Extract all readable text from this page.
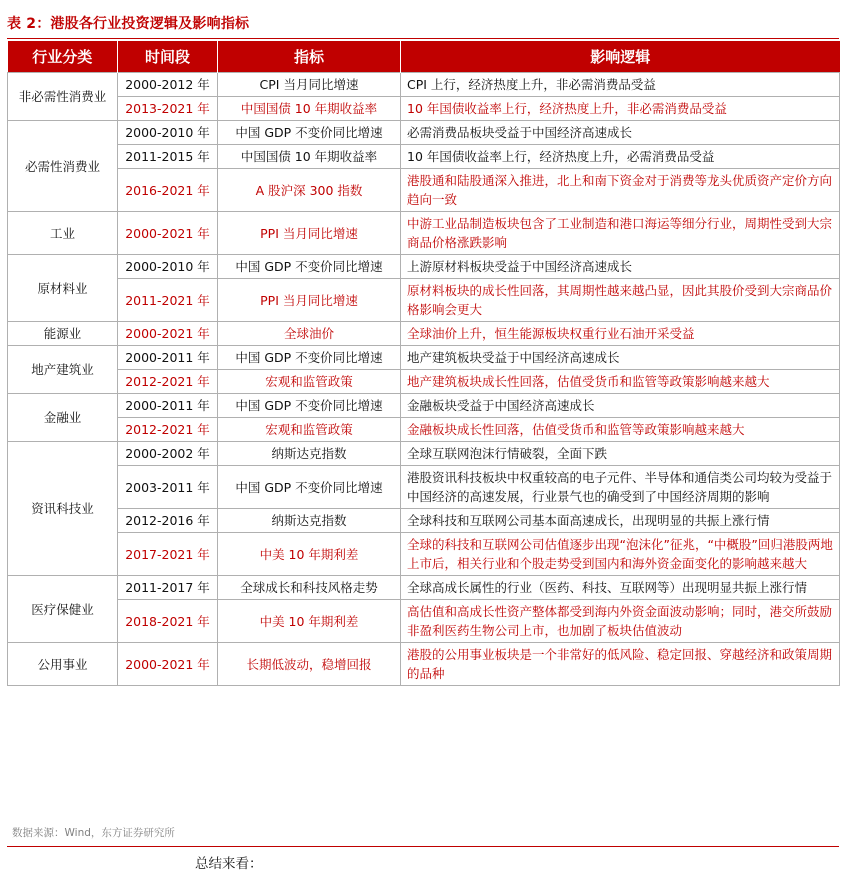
表 2：港股各行业投资逻辑及影响指标
行业分类	时间段	指标	影响逻辑
非必需性消费业	2000-2012 年	CPI 当月同比增速	CPI 上行，经济热度上升，非必需消费品受益
	2013-2021 年	中国国债 10 年期收益率	10 年国债收益率上行，经济热度上升，非必需消费品受益
必需性消费业	2000-2010 年	中国 GDP 不变价同比增速	必需消费品板块受益于中国经济高速成长
	2011-2015 年	中国国债 10 年期收益率	10 年国债收益率上行，经济热度上升，必需消费品受益
	2016-2021 年	A 股沪深 300 指数	港股通和陆股通深入推进，北上和南下资金对于消费等龙头优质资产定价方向趋向一致
工业	2000-2021 年	PPI 当月同比增速	中游工业品制造板块包含了工业制造和港口海运等细分行业，周期性受到大宗商品价格涨跌影响
原材料业	2000-2010 年	中国 GDP 不变价同比增速	上游原材料板块受益于中国经济高速成长
	2011-2021 年	PPI 当月同比增速	原材料板块的成长性回落，其周期性越来越凸显，因此其股价受到大宗商品价格影响会更大
能源业	2000-2021 年	全球油价	全球油价上升，恒生能源板块权重行业石油开采受益
地产建筑业	2000-2011 年	中国 GDP 不变价同比增速	地产建筑板块受益于中国经济高速成长
	2012-2021 年	宏观和监管政策	地产建筑板块成长性回落，估值受货币和监管等政策影响越来越大
金融业	2000-2011 年	中国 GDP 不变价同比增速	金融板块受益于中国经济高速成长
	2012-2021 年	宏观和监管政策	金融板块成长性回落，估值受货币和监管等政策影响越来越大
资讯科技业	2000-2002 年	纳斯达克指数	全球互联网泡沫行情破裂，全面下跌
	2003-2011 年	中国 GDP 不变价同比增速	港股资讯科技板块中权重较高的电子元件、半导体和通信类公司均较为受益于中国经济的高速发展，行业景气也的确受到了中国经济周期的影响
	2012-2016 年	纳斯达克指数	全球科技和互联网公司基本面高速成长，出现明显的共振上涨行情
	2017-2021 年	中美 10 年期利差	全球的科技和互联网公司估值逐步出现“泡沫化”征兆，“中概股”回归港股两地上市后，相关行业和个股走势受到国内和海外资金面变化的影响越来越大
医疗保健业	2011-2017 年	全球成长和科技风格走势	全球高成长属性的行业（医药、科技、互联网等）出现明显共振上涨行情
	2018-2021 年	中美 10 年期利差	高估值和高成长性资产整体都受到海内外资金面波动影响；同时，港交所鼓励非盈利医药生物公司上市，也加剧了板块估值波动
公用事业	2000-2021 年	长期低波动，稳增回报	港股的公用事业板块是一个非常好的低风险、稳定回报、穿越经济和政策周期的品种
数据来源：Wind，东方证券研究所
总结来看：
